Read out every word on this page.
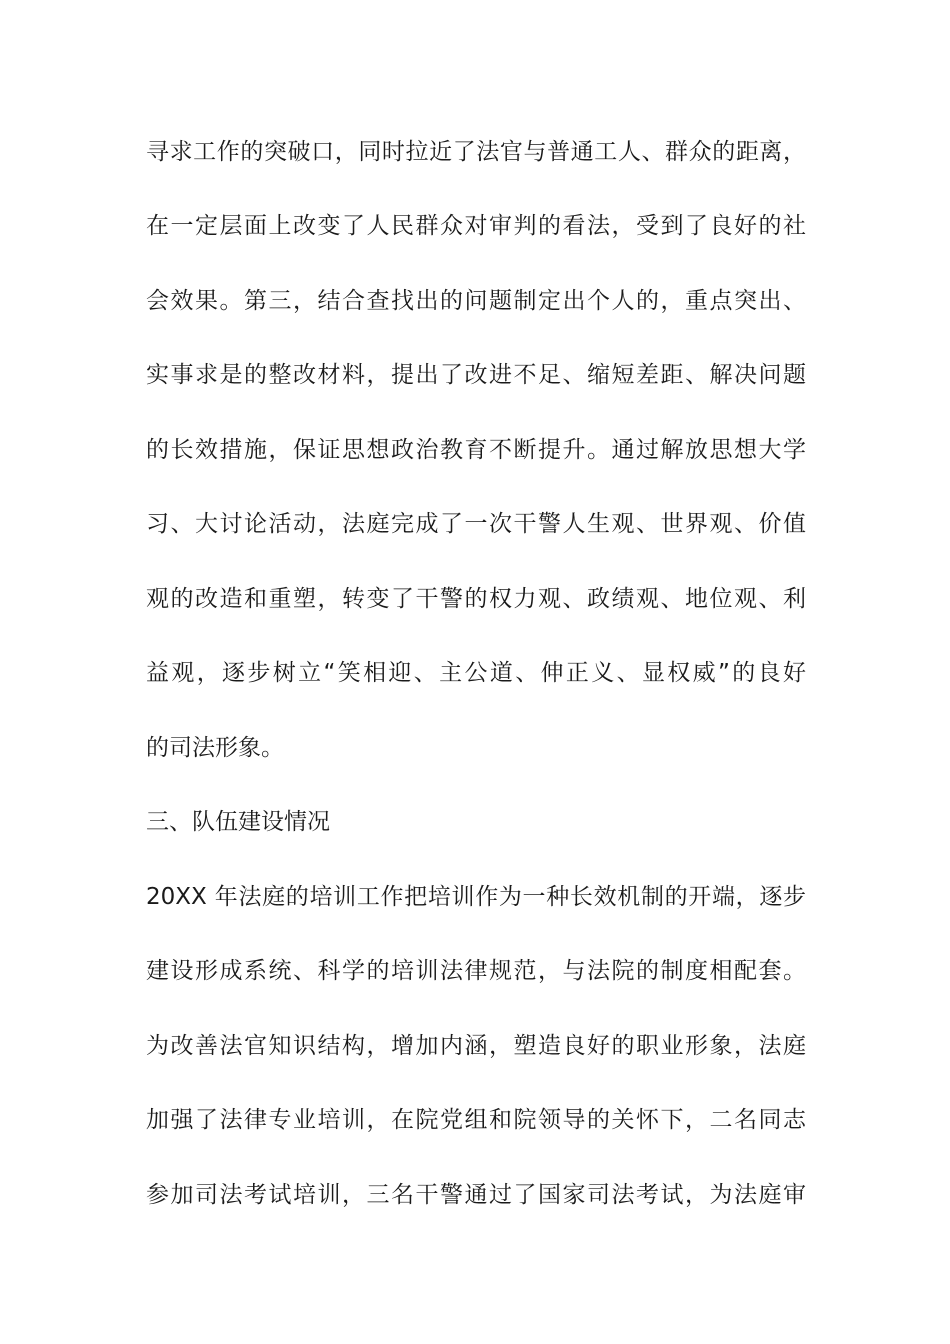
寻求工作的突破口，同时拉近了法官与普通工人、群众的距离，
在一定层面上改变了人民群众对审判的看法，受到了良好的社
会效果。第三，结合查找出的问题制定出个人的，重点突出、
实事求是的整改材料，提出了改进不足、缩短差距、解决问题
的长效措施，保证思想政治教育不断提升。通过解放思想大学
习、大讨论活动，法庭完成了一次干警人生观、世界观、价值
观的改造和重塑，转变了干警的权力观、政绩观、地位观、利
益观，逐步树立“笑相迎、主公道、伸正义、显权威”的良好
的司法形象。
三、队伍建设情况
20XX 年法庭的培训工作把培训作为一种长效机制的开端，逐步
建设形成系统、科学的培训法律规范，与法院的制度相配套。
为改善法官知识结构，增加内涵，塑造良好的职业形象，法庭
加强了法律专业培训，在院党组和院领导的关怀下，二名同志
参加司法考试培训，三名干警通过了国家司法考试，为法庭审
